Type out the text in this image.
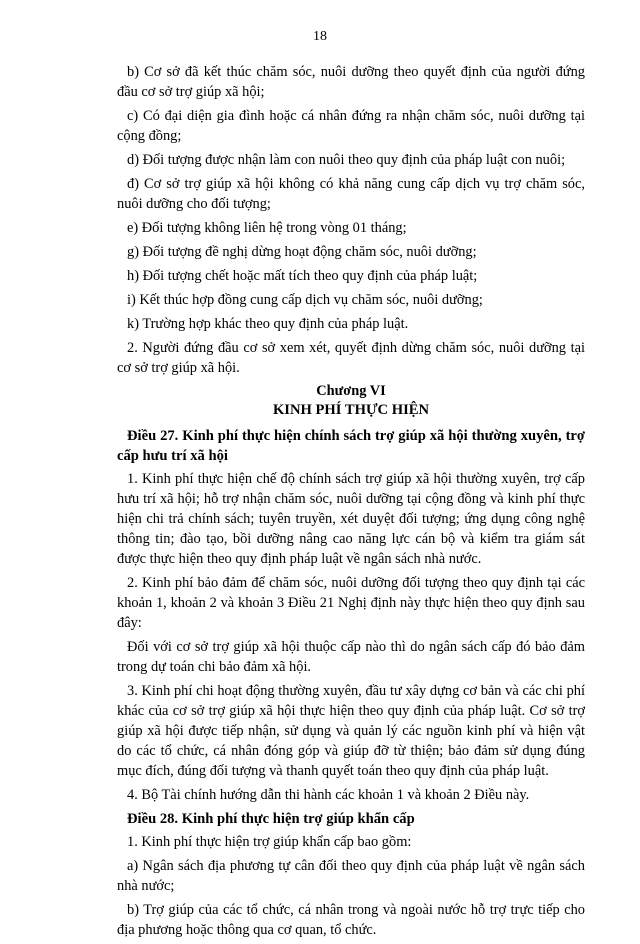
18

b) Cơ sở đã kết thúc chăm sóc, nuôi dưỡng theo quyết định của người đứng đầu cơ sở trợ giúp xã hội;

c) Có đại diện gia đình hoặc cá nhân đứng ra nhận chăm sóc, nuôi dưỡng tại cộng đồng;

d) Đối tượng được nhận làm con nuôi theo quy định của pháp luật con nuôi;

đ) Cơ sở trợ giúp xã hội không có khả năng cung cấp dịch vụ trợ chăm sóc, nuôi dưỡng cho đối tượng;

e) Đối tượng không liên hệ trong vòng 01 tháng;

g) Đối tượng đề nghị dừng hoạt động chăm sóc, nuôi dưỡng;

h) Đối tượng chết hoặc mất tích theo quy định của pháp luật;

i) Kết thúc hợp đồng cung cấp dịch vụ chăm sóc, nuôi dưỡng;

k) Trường hợp khác theo quy định của pháp luật.

2. Người đứng đầu cơ sở xem xét, quyết định dừng chăm sóc, nuôi dưỡng tại cơ sở trợ giúp xã hội.

Chương VI

KINH PHÍ THỰC HIỆN

Điều 27. Kinh phí thực hiện chính sách trợ giúp xã hội thường xuyên, trợ cấp hưu trí xã hội

1. Kinh phí thực hiện chế độ chính sách trợ giúp xã hội thường xuyên, trợ cấp hưu trí xã hội; hỗ trợ nhận chăm sóc, nuôi dưỡng tại cộng đồng và kinh phí thực hiện chi trả chính sách; tuyên truyền, xét duyệt đối tượng; ứng dụng công nghệ thông tin; đào tạo, bồi dưỡng nâng cao năng lực cán bộ và kiểm tra giám sát được thực hiện theo quy định pháp luật về ngân sách nhà nước.

2. Kinh phí bảo đảm để chăm sóc, nuôi dưỡng đối tượng theo quy định tại các khoản 1, khoản 2 và khoản 3 Điều 21 Nghị định này thực hiện theo quy định sau đây:

Đối với cơ sở trợ giúp xã hội thuộc cấp nào thì do ngân sách cấp đó bảo đảm trong dự toán chi bảo đảm xã hội.

3. Kinh phí chi hoạt động thường xuyên, đầu tư xây dựng cơ bản và các chi phí khác của cơ sở trợ giúp xã hội thực hiện theo quy định của pháp luật. Cơ sở trợ giúp xã hội được tiếp nhận, sử dụng và quản lý các nguồn kinh phí và hiện vật do các tổ chức, cá nhân đóng góp và giúp đỡ từ thiện; bảo đảm sử dụng đúng mục đích, đúng đối tượng và thanh quyết toán theo quy định của pháp luật.

4. Bộ Tài chính hướng dẫn thi hành các khoản 1 và khoản 2 Điều này.

Điều 28. Kinh phí thực hiện trợ giúp khẩn cấp

1. Kinh phí thực hiện trợ giúp khẩn cấp bao gồm:

a) Ngân sách địa phương tự cân đối theo quy định của pháp luật về ngân sách nhà nước;

b) Trợ giúp của các tổ chức, cá nhân trong và ngoài nước hỗ trợ trực tiếp cho địa phương hoặc thông qua cơ quan, tổ chức.
